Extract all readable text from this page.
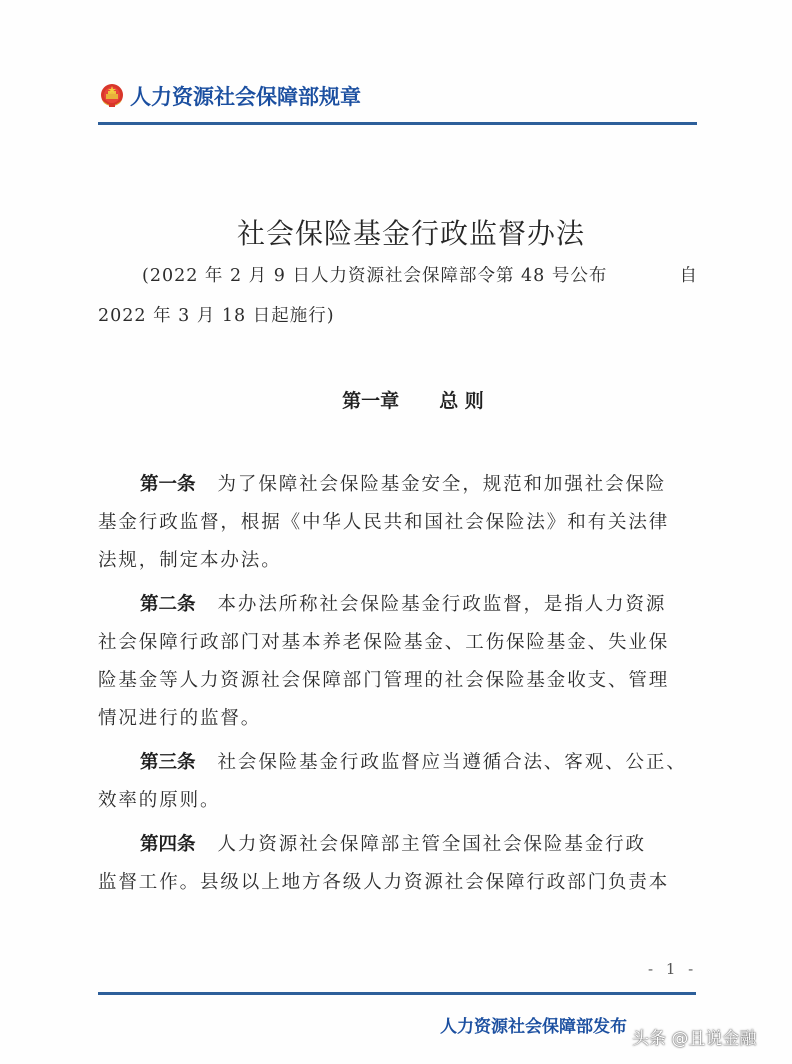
人力资源社会保障部规章
社会保险基金行政监督办法
(2022 年 2 月 9 日人力资源社会保障部令第 48 号公布	自
2022 年 3 月 18 日起施行)
第一章 总 则
第一条 为了保障社会保险基金安全，规范和加强社会保险
基金行政监督，根据《中华人民共和国社会保险法》和有关法律
法规，制定本办法。
第二条 本办法所称社会保险基金行政监督，是指人力资源
社会保障行政部门对基本养老保险基金、工伤保险基金、失业保
险基金等人力资源社会保障部门管理的社会保险基金收支、管理
情况进行的监督。
第三条 社会保险基金行政监督应当遵循合法、客观、公正、
效率的原则。
第四条 人力资源社会保障部主管全国社会保险基金行政
监督工作。县级以上地方各级人力资源社会保障行政部门负责本
- 1 -
人力资源社会保障部发布
头条 @且说金融
